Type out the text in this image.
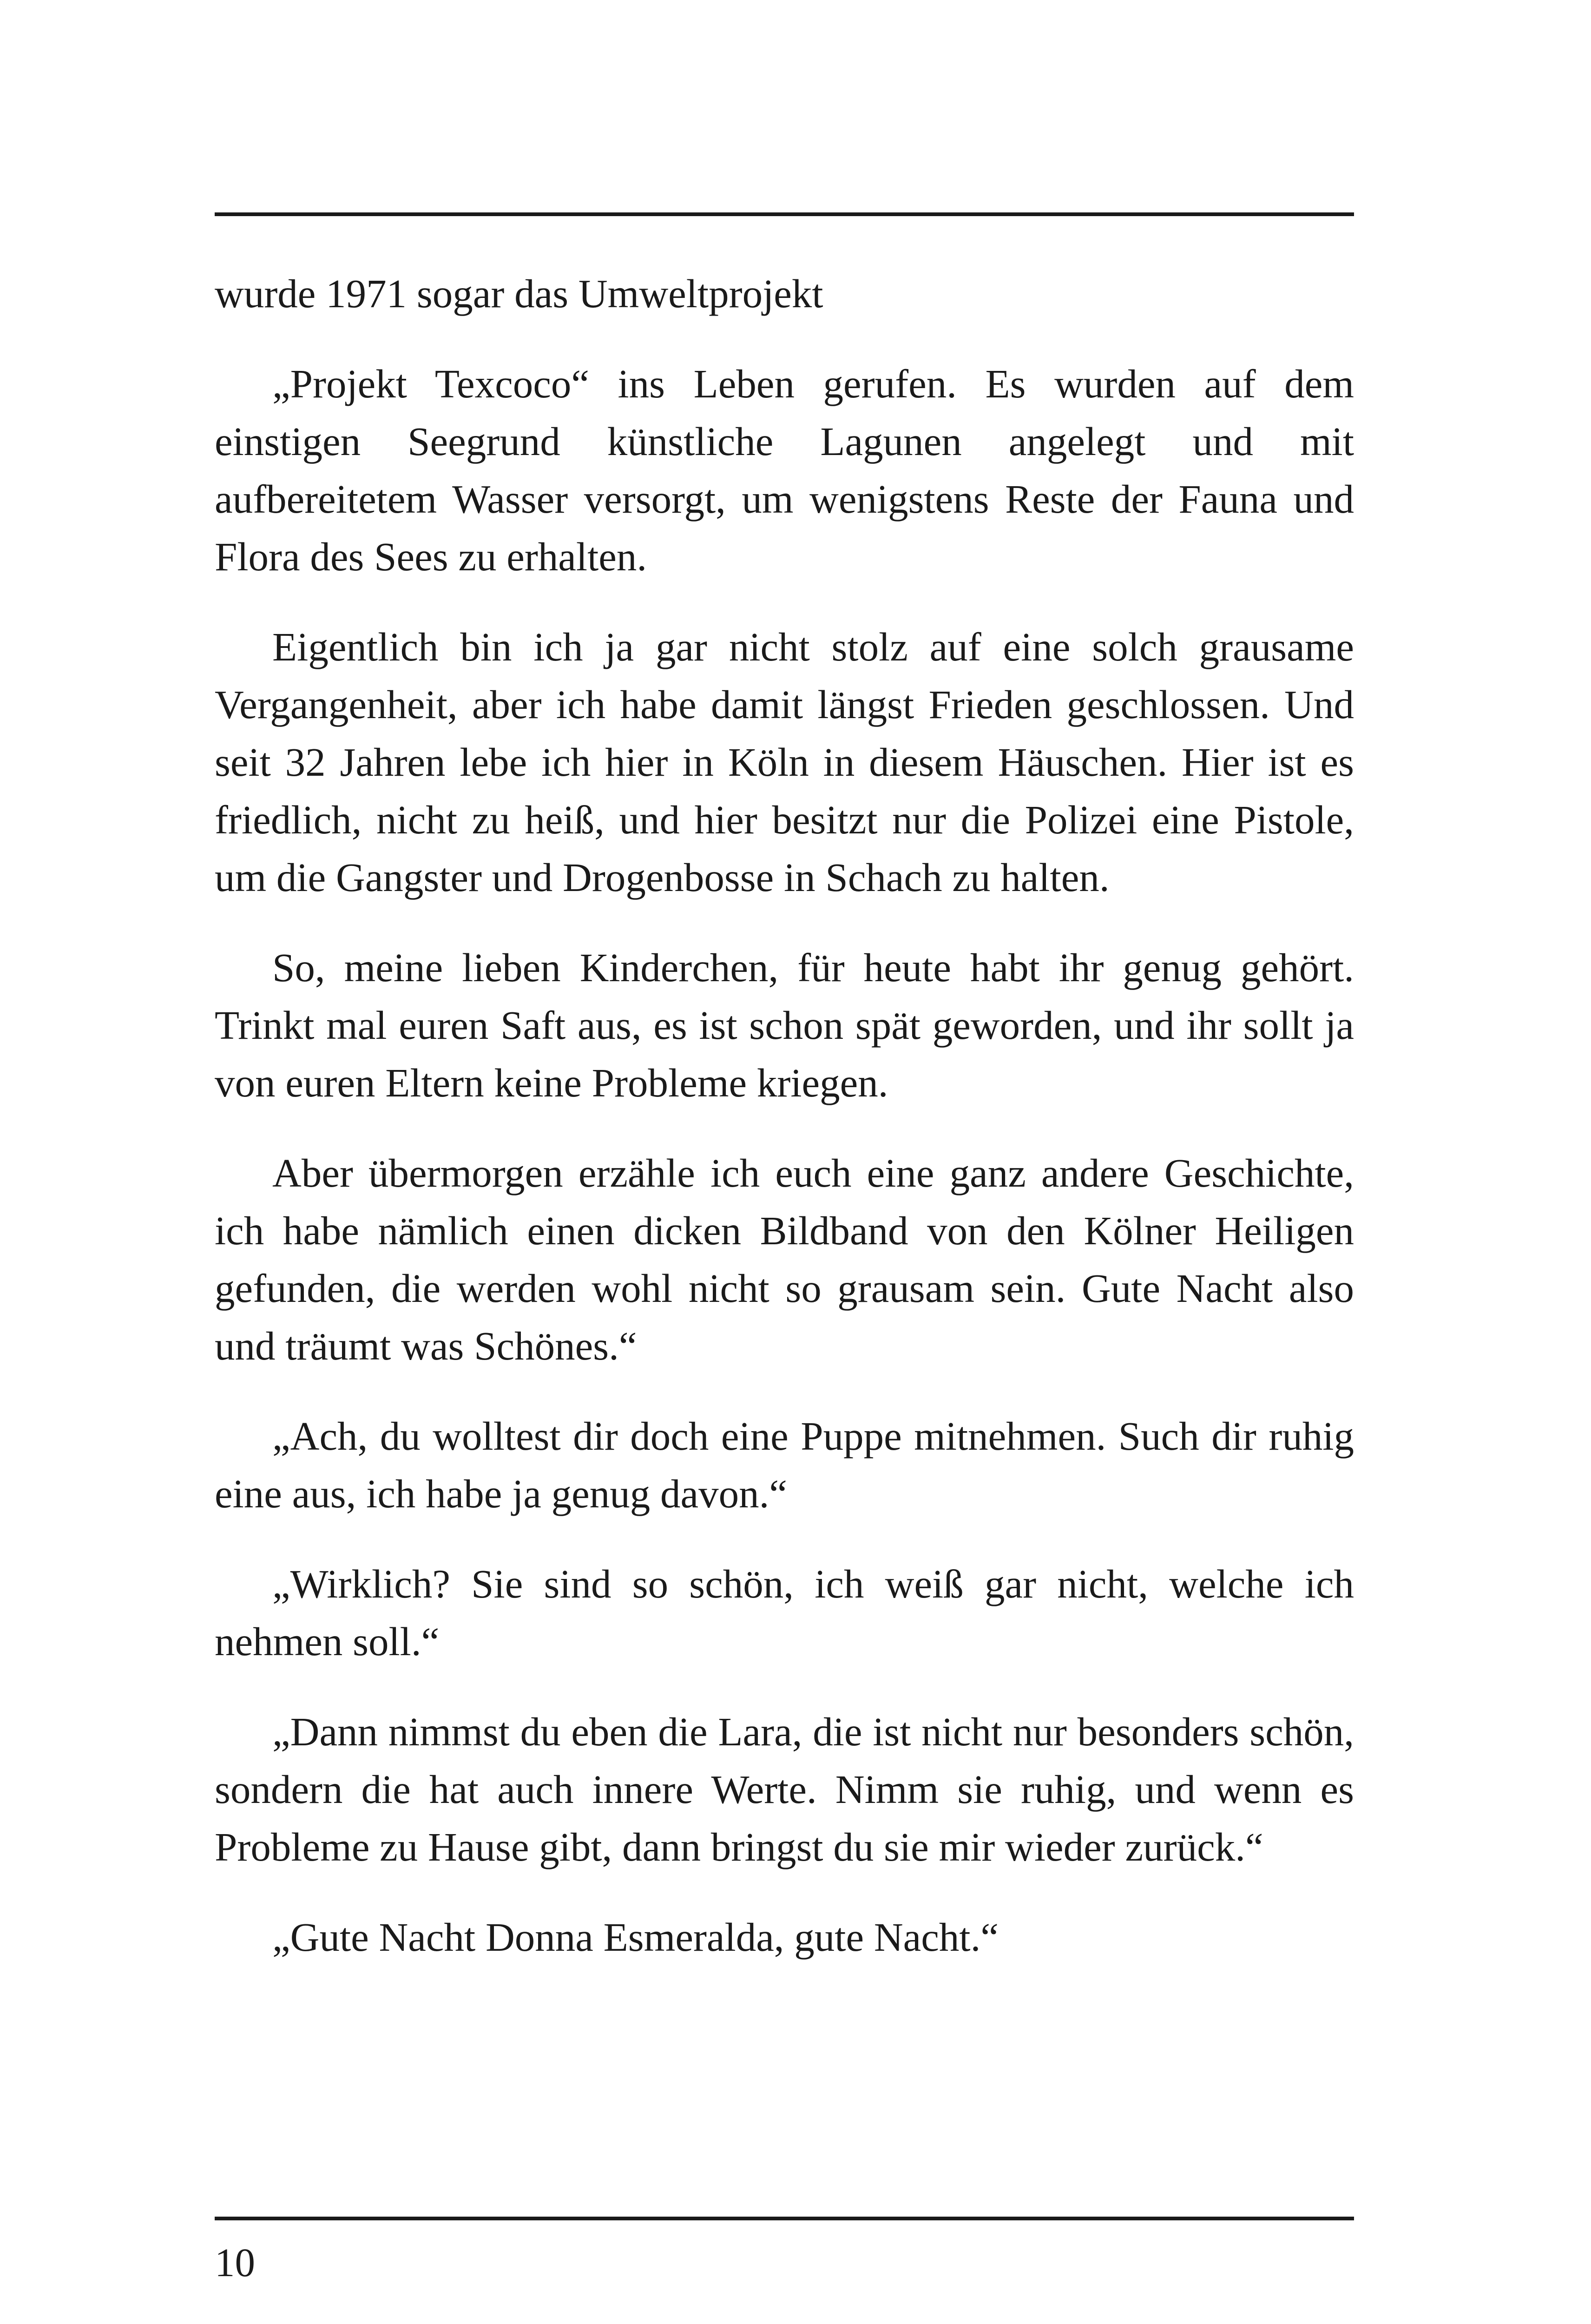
wurde 1971 sogar das Umweltprojekt

„Projekt Texcoco“ ins Leben gerufen. Es wurden auf dem einstigen Seegrund künstliche Lagunen angelegt und mit aufbereitetem Wasser versorgt, um wenigstens Reste der Fauna und Flora des Sees zu erhalten.

Eigentlich bin ich ja gar nicht stolz auf eine solch grausame Vergangenheit, aber ich habe damit längst Frieden geschlossen. Und seit 32 Jahren lebe ich hier in Köln in diesem Häuschen. Hier ist es friedlich, nicht zu heiß, und hier besitzt nur die Polizei eine Pistole, um die Gangster und Drogenbosse in Schach zu halten.

So, meine lieben Kinderchen, für heute habt ihr genug gehört. Trinkt mal euren Saft aus, es ist schon spät geworden, und ihr sollt ja von euren Eltern keine Probleme kriegen.

Aber übermorgen erzähle ich euch eine ganz andere Geschichte, ich habe nämlich einen dicken Bildband von den Kölner Heiligen gefunden, die werden wohl nicht so grausam sein. Gute Nacht also und träumt was Schönes.“

„Ach, du wolltest dir doch eine Puppe mitnehmen. Such dir ruhig eine aus, ich habe ja genug davon.“

„Wirklich? Sie sind so schön, ich weiß gar nicht, welche ich nehmen soll.“

„Dann nimmst du eben die Lara, die ist nicht nur besonders schön, sondern die hat auch innere Werte. Nimm sie ruhig, und wenn es Probleme zu Hause gibt, dann bringst du sie mir wieder zurück.“

„Gute Nacht Donna Esmeralda, gute Nacht.“

10
